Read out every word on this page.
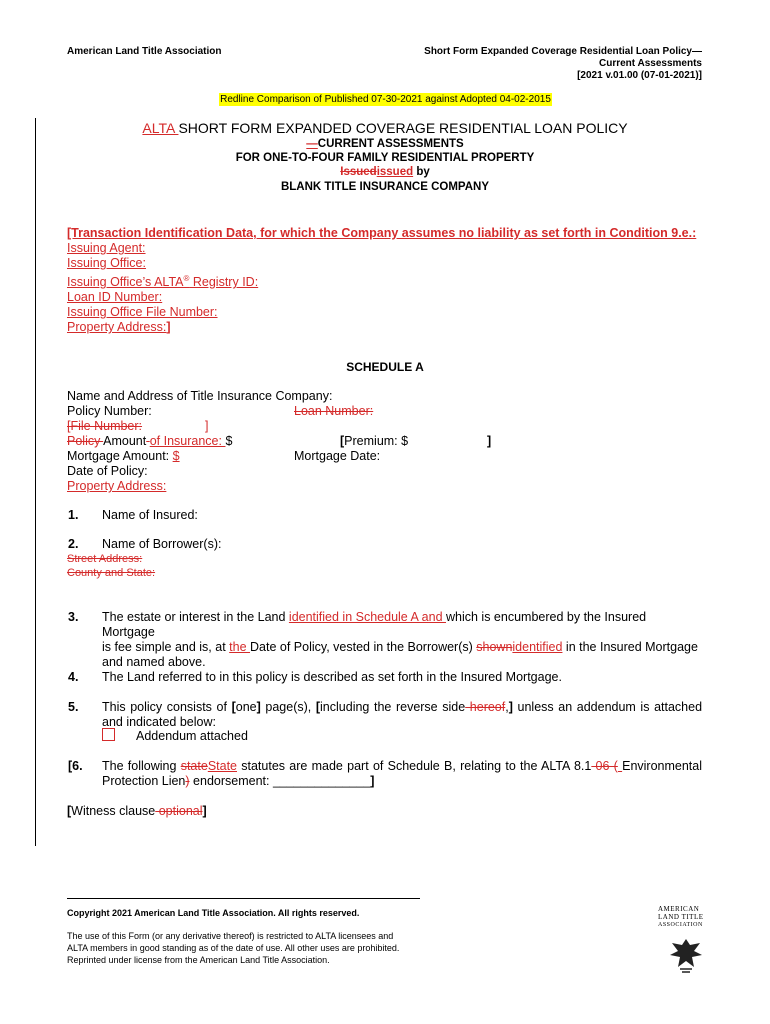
American Land Title Association	Short Form Expanded Coverage Residential Loan Policy—
Current Assessments
[2021 v.01.00 (07-01-2021)]
Redline Comparison of Published 07-30-2021 against Adopted 04-02-2015
ALTA SHORT FORM EXPANDED COVERAGE RESIDENTIAL LOAN POLICY
—CURRENT ASSESSMENTS
FOR ONE-TO-FOUR FAMILY RESIDENTIAL PROPERTY
Issuedissued by
BLANK TITLE INSURANCE COMPANY
[Transaction Identification Data, for which the Company assumes no liability as set forth in Condition 9.e.:
Issuing Agent:
Issuing Office:
Issuing Office’s ALTA® Registry ID:
Loan ID Number:
Issuing Office File Number:
Property Address:]
SCHEDULE A
Name and Address of Title Insurance Company:
Policy Number:	Loan Number:
[File Number:	]
Policy Amount of Insurance: $	[Premium: $	]
Mortgage Amount: $	Mortgage Date:
Date of Policy:
Property Address:
1. Name of Insured:
2. Name of Borrower(s):
Street Address:
County and State:
3. The estate or interest in the Land identified in Schedule A and which is encumbered by the Insured Mortgage
is fee simple and is, at the Date of Policy, vested in the Borrower(s) shownidentified in the Insured Mortgage
and named above.
4. The Land referred to in this policy is described as set forth in the Insured Mortgage.
5. This policy consists of [one] page(s), [including the reverse side hereof,] unless an addendum is attached
and indicated below:
Addendum attached
[6. The following stateState statutes are made part of Schedule B, relating to the ALTA 8.1-06 ( Environmental
Protection Lien) endorsement: ______________]
[Witness clause optional]
Copyright 2021 American Land Title Association. All rights reserved.
The use of this Form (or any derivative thereof) is restricted to ALTA licensees and
ALTA members in good standing as of the date of use. All other uses are prohibited.
Reprinted under license from the American Land Title Association.
AMERICAN
LAND TITLE
ASSOCIATION
